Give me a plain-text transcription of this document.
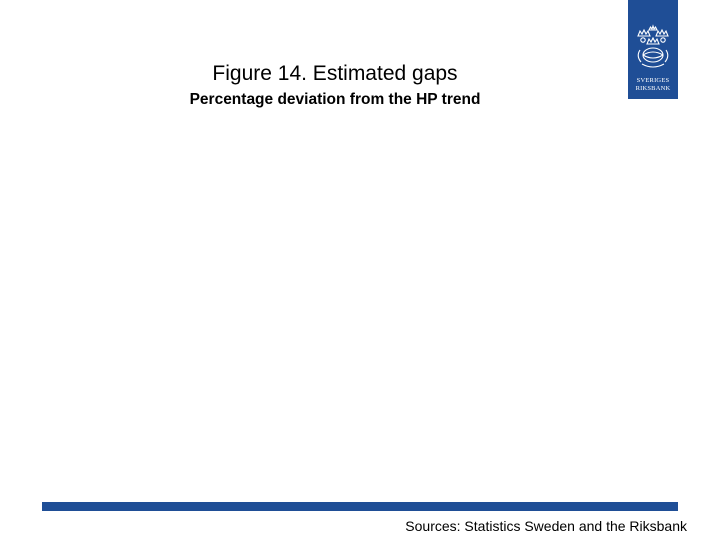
Figure 14. Estimated gaps
Percentage deviation from the HP trend
SVERIGES
RIKSBANK
Sources: Statistics Sweden and the Riksbank
